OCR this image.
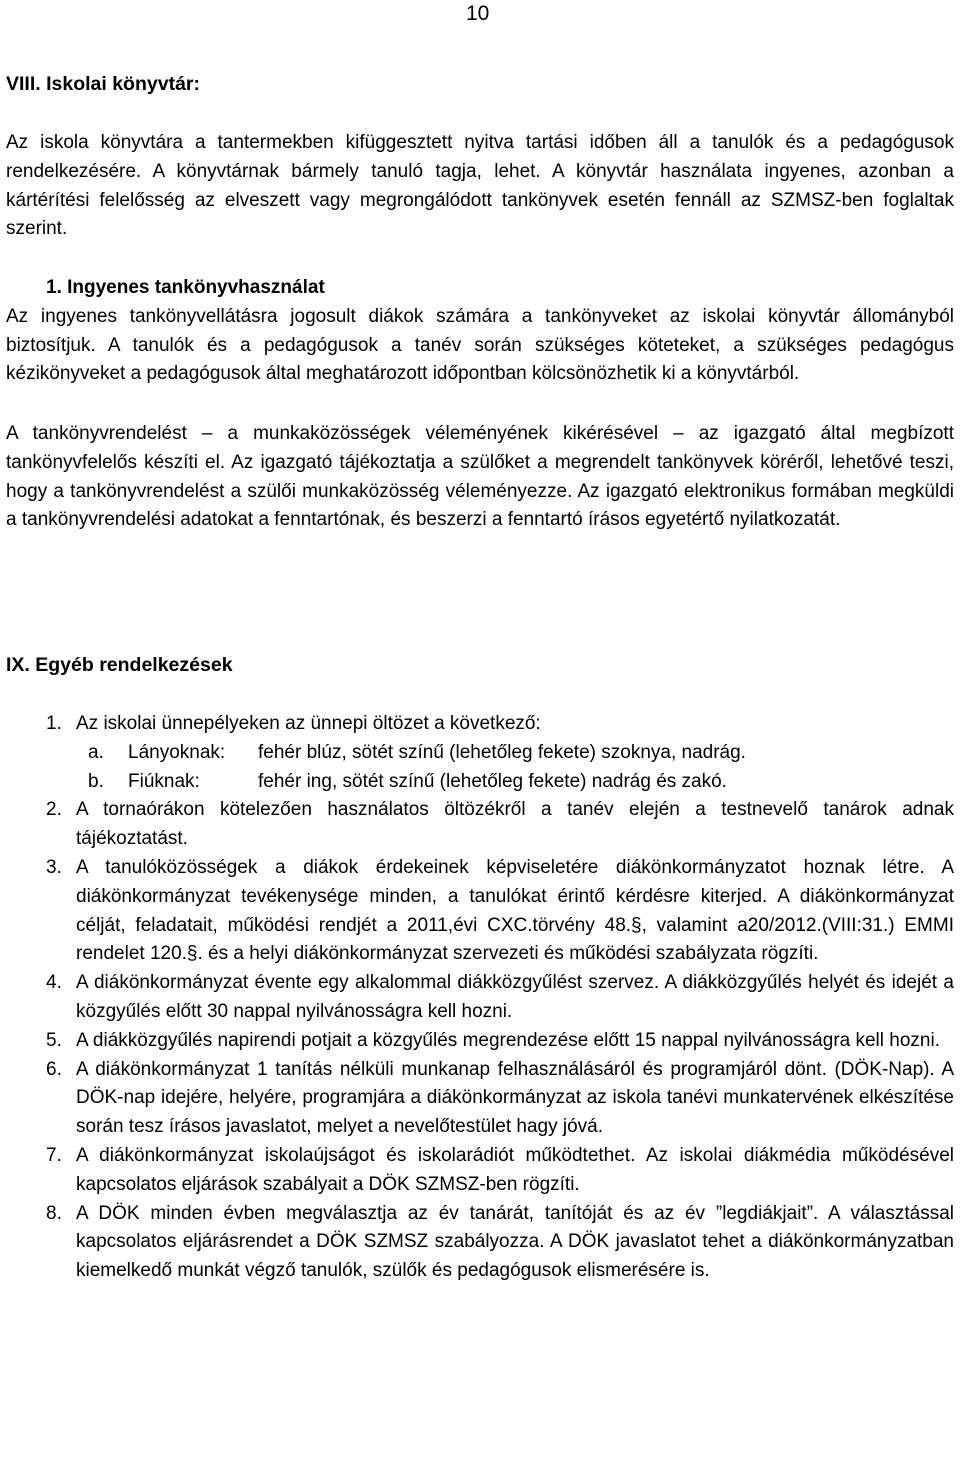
10
VIII. Iskolai könyvtár:

Az iskola könyvtára a tantermekben kifüggesztett nyitva tartási időben áll a tanulók és a pedagógusok rendelkezésére. A könyvtárnak bármely tanuló tagja, lehet. A könyvtár használata ingyenes, azonban a kártérítési felelősség az elveszett vagy megrongálódott tankönyvek esetén fennáll az SZMSZ-ben foglaltak szerint.

1. Ingyenes tankönyvhasználat
Az ingyenes tankönyvellátásra jogosult diákok számára a tankönyveket az iskolai könyvtár állományból biztosítjuk. A tanulók és a pedagógusok a tanév során szükséges köteteket, a szükséges pedagógus kézikönyveket a pedagógusok által meghatározott időpontban kölcsönözhetik ki a könyvtárból.

A tankönyvrendelést – a munkaközösségek véleményének kikérésével – az igazgató által megbízott tankönyvfelelős készíti el. Az igazgató tájékoztatja a szülőket a megrendelt tankönyvek köréről, lehetővé teszi, hogy a tankönyvrendelést a szülői munkaközösség véleményezze. Az igazgató elektronikus formában megküldi a tankönyvrendelési adatokat a fenntartónak, és beszerzi a fenntartó írásos egyetértő nyilatkozatát.

IX. Egyéb rendelkezések
1. Az iskolai ünnepélyeken az ünnepi öltözet a következő:
a. Lányoknak: fehér blúz, sötét színű (lehetőleg fekete) szoknya, nadrág.
b. Fiúknak:	fehér ing, sötét színű (lehetőleg fekete) nadrág és zakó.
2. A tornaórákon kötelezően használatos öltözékről a tanév elején a testnevelő tanárok adnak tájékoztatást.
3. A tanulóközösségek a diákok érdekeinek képviseletére diákönkormányzatot hoznak létre. A diákönkormányzat tevékenysége minden, a tanulókat érintő kérdésre kiterjed. A diákönkormányzat célját, feladatait, működési rendjét a 2011,évi CXC.törvény 48.§, valamint a20/2012.(VIII:31.) EMMI rendelet 120.§. és a helyi diákönkormányzat szervezeti és működési szabályzata rögzíti.
4. A diákönkormányzat évente egy alkalommal diákközgyűlést szervez. A diákközgyűlés helyét és idejét a közgyűlés előtt 30 nappal nyilvánosságra kell hozni.
5. A diákközgyűlés napirendi potjait a közgyűlés megrendezése előtt 15 nappal nyilvánosságra kell hozni.
6. A diákönkormányzat 1 tanítás nélküli munkanap felhasználásáról és programjáról dönt. (DÖK-Nap). A DÖK-nap idejére, helyére, programjára a diákönkormányzat az iskola tanévi munkatervének elkészítése során tesz írásos javaslatot, melyet a nevelőtestület hagy jóvá.
7. A diákönkormányzat iskolaújságot és iskolarádiót működtethet. Az iskolai diákmédia működésével kapcsolatos eljárások szabályait a DÖK SZMSZ-ben rögzíti.
8. A DÖK minden évben megválasztja az év tanárát, tanítóját és az év ”legdiákjait”. A választással kapcsolatos eljárásrendet a DÖK SZMSZ szabályozza. A DÖK javaslatot tehet a diákönkormányzatban kiemelkedő munkát végző tanulók, szülők és pedagógusok elismerésére is.
